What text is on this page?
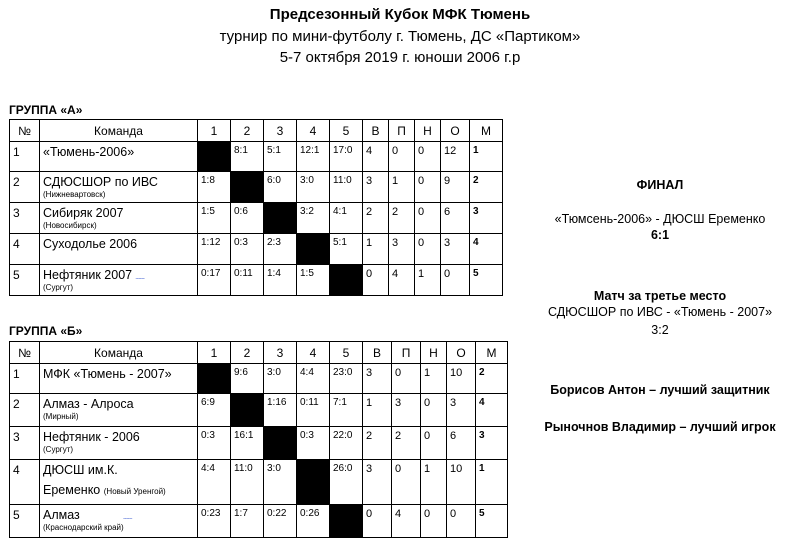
Предсезонный Кубок МФК Тюмень
турнир по мини-футболу г. Тюмень, ДС «Партиком»
5-7 октября 2019 г. юноши 2006 г.р
ГРУППА «А»
№	Команда	1	2	3	4	5	В	П	Н	О	М
1	«Тюмень-2006»		8:1	5:1	12:1	17:0	4	0	0	12	1
2	СДЮСШОР по ИВС
(Нижневартовск)	1:8		6:0	3:0	11:0	3	1	0	9	2
3	Сибиряк 2007
(Новосибирск)	1:5	0:6		3:2	4:1	2	2	0	6	3
4	Суходолье 2006	1:12	0:3	2:3		5:1	1	3	0	3	4
5	Нефтяник 2007 ﹏
(Сургут)	0:17	0:11	1:4	1:5		0	4	1	0	5
ГРУППА «Б»
№	Команда	1	2	3	4	5	В	П	Н	О	М
1	МФК «Тюмень - 2007»		9:6	3:0	4:4	23:0	3	0	1	10	2
2	Алмаз - Алроса
(Мирный)	6:9		1:16	0:11	7:1	1	3	0	3	4
3	Нефтяник - 2006
(Сургут)	0:3	16:1		0:3	22:0	2	2	0	6	3
4	ДЮСШ им.К.
Еременко (Новый Уренгой)	4:4	11:0	3:0		26:0	3	0	1	10	1
5	Алмаз ﹏
(Краснодарский край)	0:23	1:7	0:22	0:26		0	4	0	0	5
ФИНАЛ
«Тюмсень-2006» - ДЮСШ Еременко
6:1
Матч за третье место
СДЮСШОР по ИВС - «Тюмень - 2007»
3:2
Борисов Антон – лучший защитник
Рыночнов Владимир – лучший игрок
